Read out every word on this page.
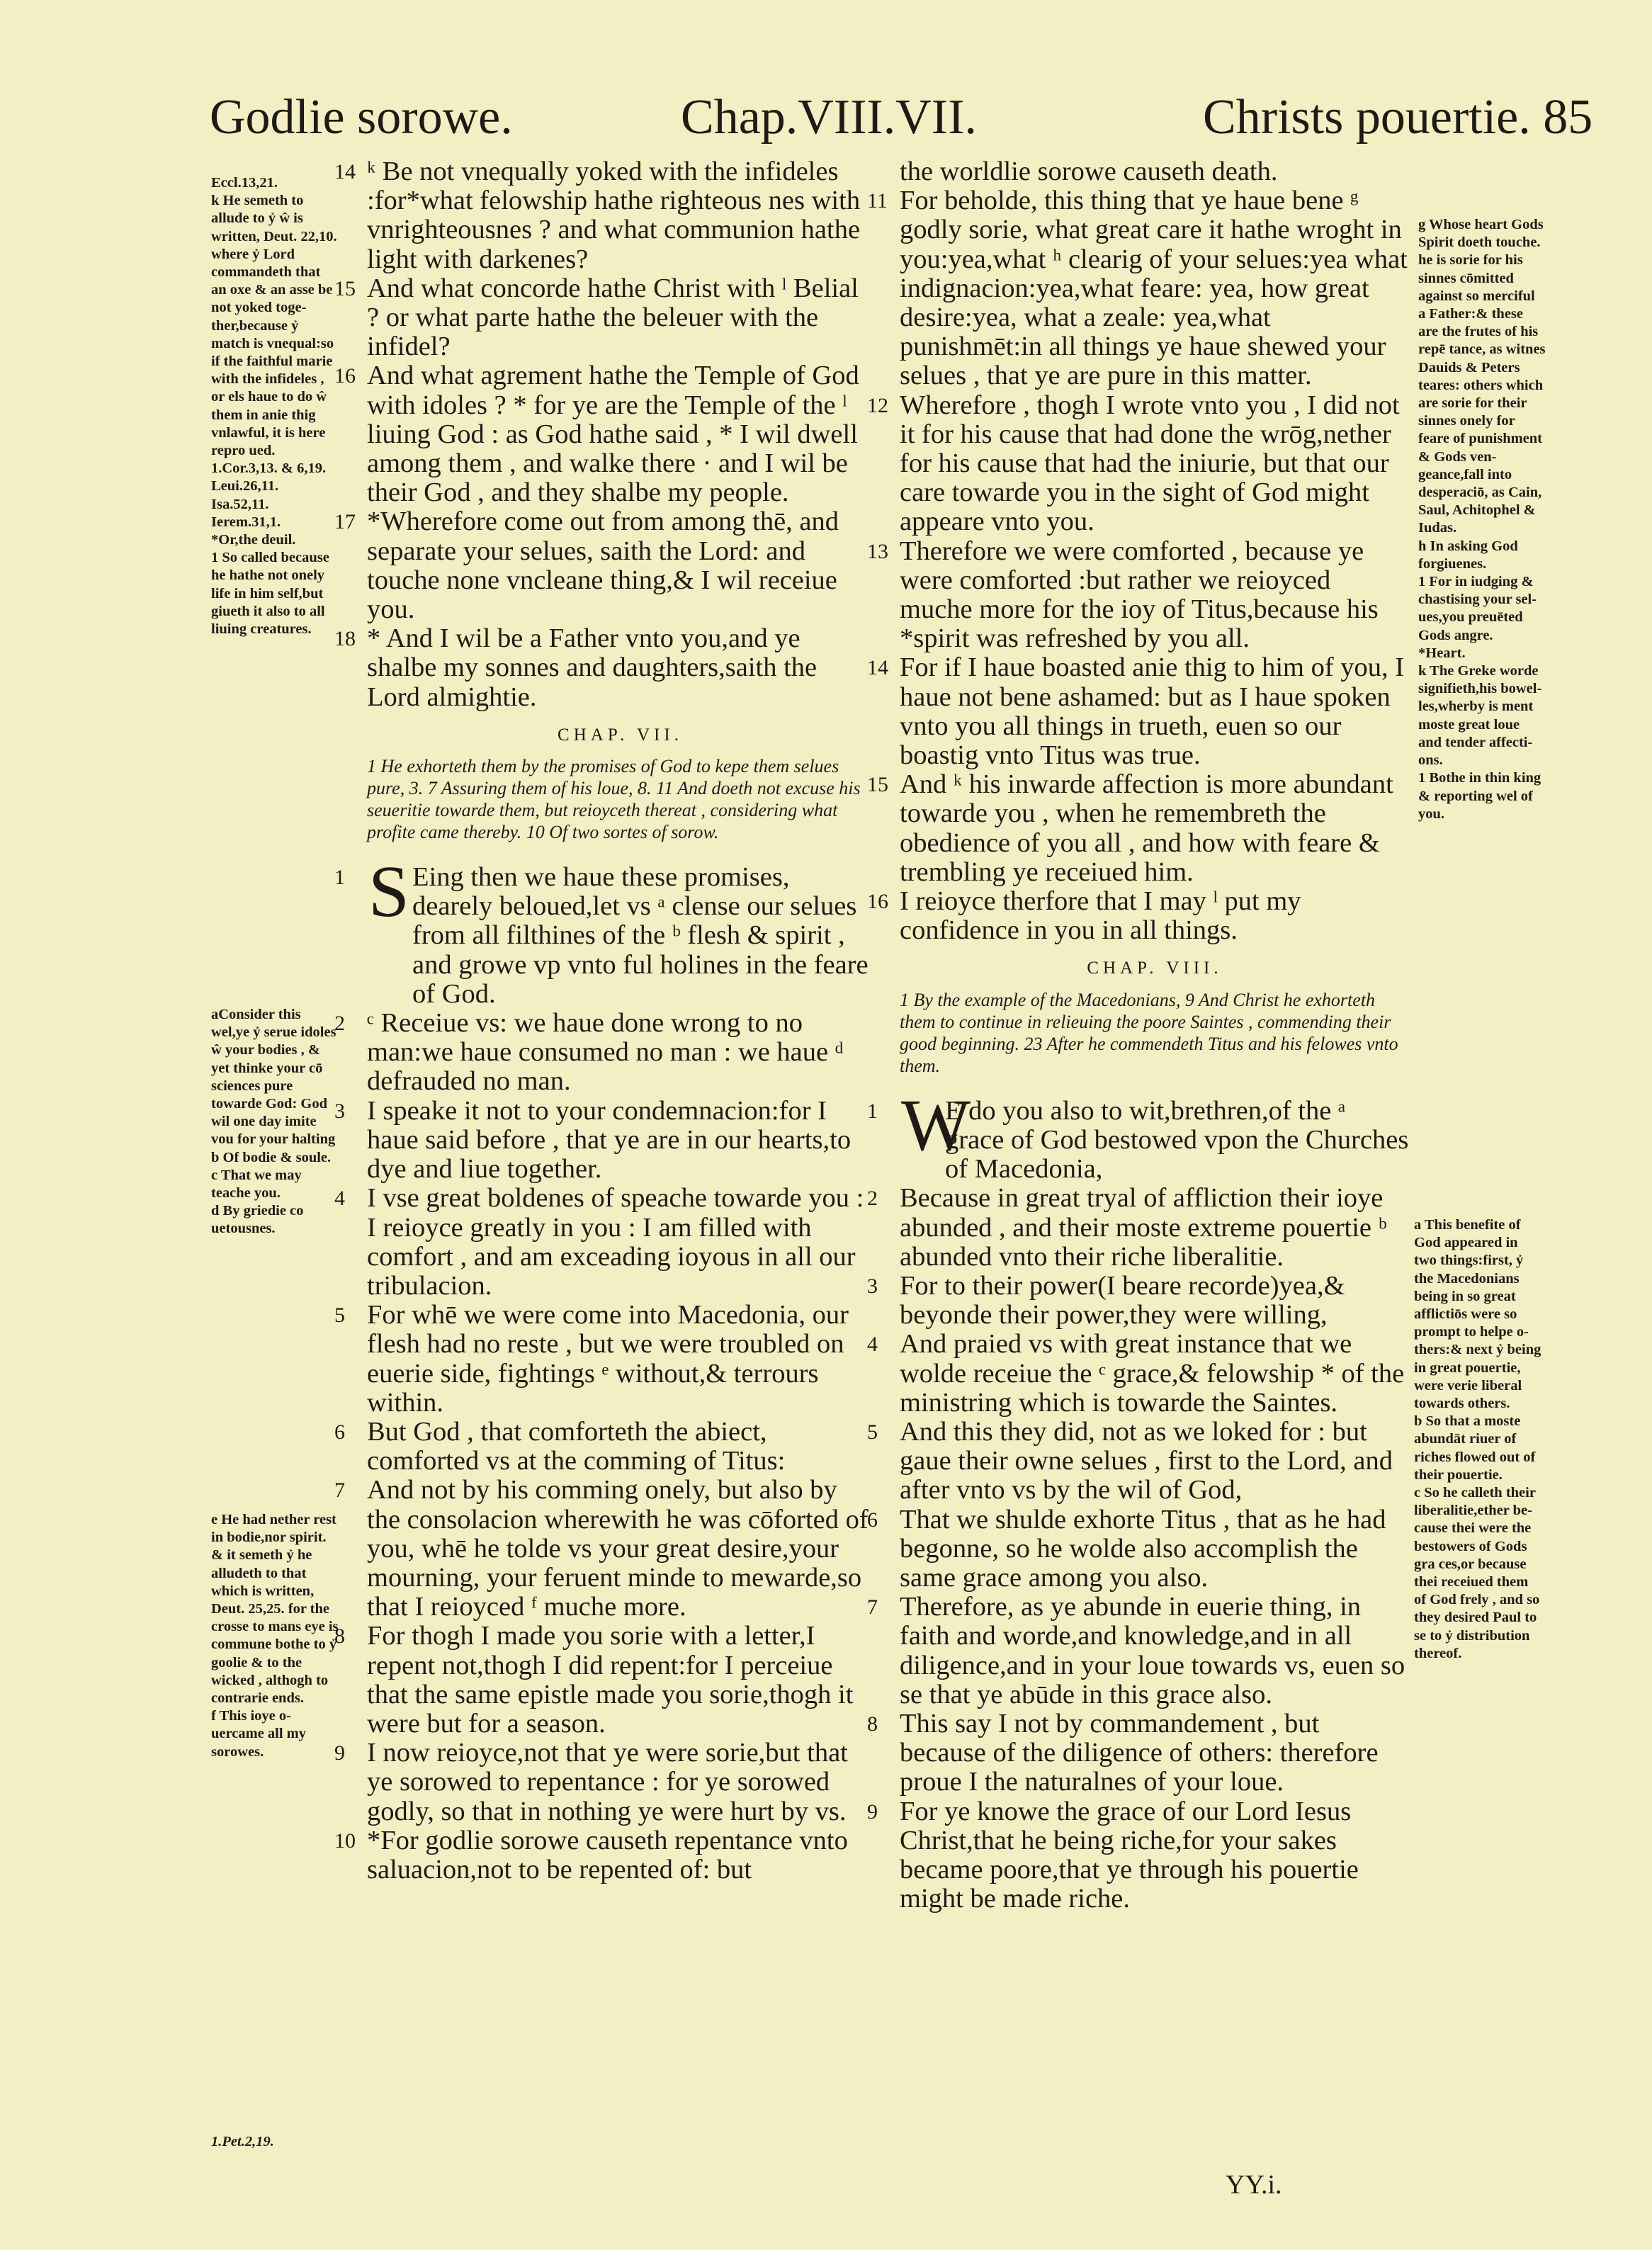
Godlie sorowe.	Chap.VIII.VII.	Christs pouertie. 85
14 ᵏ Be not vnequally yoked with the infideles :for*what felowship hathe righteous nes with vnrighteousnes ? and what communion hathe light with darkenes?
15 And what concorde hathe Christ with ˡ Belial ? or what parte hathe the beleuer with the infidel?
16 And what agrement hathe the Temple of God with idoles ? * for ye are the Temple of the ˡ liuing God : as God hathe said , * I wil dwell among them , and walke there · and I wil be their God , and they shalbe my people.
17 *Wherefore come out from among thē, and separate your selues, saith the Lord: and touche none vncleane thing,& I wil receiue you.
18 * And I wil be a Father vnto you,and ye shalbe my sonnes and daughters,saith the Lord almightie.
CHAP. VII.
1 He exhorteth them by the promises of God to kepe them selues pure, 3. 7 Assuring them of his loue, 8. 11 And doeth not excuse his seueritie towarde them, but reioyceth thereat , considering what profite came thereby. 10 Of two sortes of sorow.
1 S Eing then we haue these promises, dearely beloued,let vs ᵃ clense our selues from all filthines of the ᵇ flesh & spirit , and growe vp vnto ful holines in the feare of God.
2 ᶜ Receiue vs: we haue done wrong to no man:we haue consumed no man : we haue ᵈ defrauded no man.
3 I speake it not to your condemnacion:for I haue said before , that ye are in our hearts,to dye and liue together.
4 I vse great boldenes of speache towarde you : I reioyce greatly in you : I am filled with comfort , and am exceading ioyous in all our tribulacion.
5 For whē we were come into Macedonia, our flesh had no reste , but we were troubled on euerie side, fightings ᵉ without,& terrours within.
6 But God , that comforteth the abiect, comforted vs at the comming of Titus:
7 And not by his comming onely, but also by the consolacion wherewith he was cōforted of you, whē he tolde vs your great desire,your mourning, your feruent minde to mewarde,so that I reioyced ᶠ muche more.
8 For thogh I made you sorie with a letter,I repent not,thogh I did repent:for I perceiue that the same epistle made you sorie,thogh it were but for a season.
9 I now reioyce,not that ye were sorie,but that ye sorowed to repentance : for ye sorowed godly, so that in nothing ye were hurt by vs.
10 *For godlie sorowe causeth repentance vnto saluacion,not to be repented of: but
the worldlie sorowe causeth death.
11 For beholde, this thing that ye haue bene ᵍ godly sorie, what great care it hathe wroght in you:yea,what ʰ clearig of your selues:yea what indignacion:yea,what feare: yea, how great desire:yea, what a zeale: yea,what punishmēt:in all things ye haue shewed your selues , that ye are pure in this matter.
12 Wherefore , thogh I wrote vnto you , I did not it for his cause that had done the wrōg,nether for his cause that had the iniurie, but that our care towarde you in the sight of God might appeare vnto you.
13 Therefore we were comforted , because ye were comforted :but rather we reioyced muche more for the ioy of Titus,because his *spirit was refreshed by you all.
14 For if I haue boasted anie thig to him of you, I haue not bene ashamed: but as I haue spoken vnto you all things in trueth, euen so our boastig vnto Titus was true.
15 And ᵏ his inwarde affection is more abundant towarde you , when he remembreth the obedience of you all , and how with feare & trembling ye receiued him.
16 I reioyce therfore that I may ˡ put my confidence in you in all things.
CHAP. VIII.
1 By the example of the Macedonians, 9 And Christ he exhorteth them to continue in relieuing the poore Saintes , commending their good beginning. 23 After he commendeth Titus and his felowes vnto them.
1 W
E do you also to wit,brethren,of the ᵃ grace of God bestowed vpon the Churches of Macedonia,
2 Because in great tryal of affliction their ioye abunded , and their moste extreme pouertie ᵇ abunded vnto their riche liberalitie.
3 For to their power(I beare recorde)yea,& beyonde their power,they were willing,
4 And praied vs with great instance that we wolde receiue the ᶜ grace,& felowship * of the ministring which is towarde the Saintes.
5 And this they did, not as we loked for : but gaue their owne selues , first to the Lord, and after vnto vs by the wil of God,
6 That we shulde exhorte Titus , that as he had begonne, so he wolde also accomplish the same grace among you also.
7 Therefore, as ye abunde in euerie thing, in faith and worde,and knowledge,and in all diligence,and in your loue towards vs, euen so se that ye abūde in this grace also.
8 This say I not by commandement , but because of the diligence of others: therefore proue I the naturalnes of your loue.
9 For ye knowe the grace of our Lord Iesus Christ,that he being riche,for your sakes became poore,that ye through his pouertie might be made riche.

Eccl.13,21.
k He semeth to allude to ỷ ŵ is written, Deut. 22,10. where ỷ Lord commandeth that an oxe & an asse be not yoked together,because ỷ match is vnequal:so if the faithful marie with the infideles , or els haue to do ŵ them in anie thig vnlawful, it is here repro ued.
1.Cor.3,13. & 6,19.
Leui.26,11.
Isa.52,11.
Ierem.31,1.
*Or,the deuil.
1 So called because he hathe not onely life in him self,but giueth it also to all liuing creatures.

aConsider this wel,ye ỷ serue idoles ŵ your bodies , & yet thinke your cō sciences pure towarde God: God wil one day imite vou for your halting
b Of bodie & soule.
c That we may teache you.
d By griedie co uetousnes.

e He had nether rest in bodie,nor spirit. & it semeth ỷ he alludeth to that which is written, Deut. 25,25. for the crosse to mans eye is commune bothe to ỷ goolie & to the wicked , althogh to contrarie ends.
f This ioye ouercame all my sorowes.

1.Pet.2,19.

g Whose heart Gods Spirit doeth touche. he is sorie for his sinnes cōmitted against so merciful a Father:& these are the frutes of his repē tance, as witnes Dauids & Peters teares: others which are sorie for their sinnes onely for feare of punishment & Gods vengeance,fall into desperaciō, as Cain, Saul, Achitophel & Iudas.
h In asking God forgiuenes.
1 For in iudging & chastising your selues,you preuēted Gods angre.
*Heart.
k The Greke worde signifieth,his bowelles,wherby is ment moste great loue and tender affections.
1 Bothe in thin king & reporting wel of you.

a This benefite of God appeared in two things:first, ỷ the Macedonians being in so great afflictiōs were so prompt to helpe others:& next ỷ being in great pouertie, were verie liberal towards others.
b So that a moste abundāt riuer of riches flowed out of their pouertie.
c So he calleth their liberalitie,ether because thei were the bestowers of Gods gra ces,or because thei receiued them of God frely , and so they desired Paul to se to ỷ distribution thereof.

YY.i.
